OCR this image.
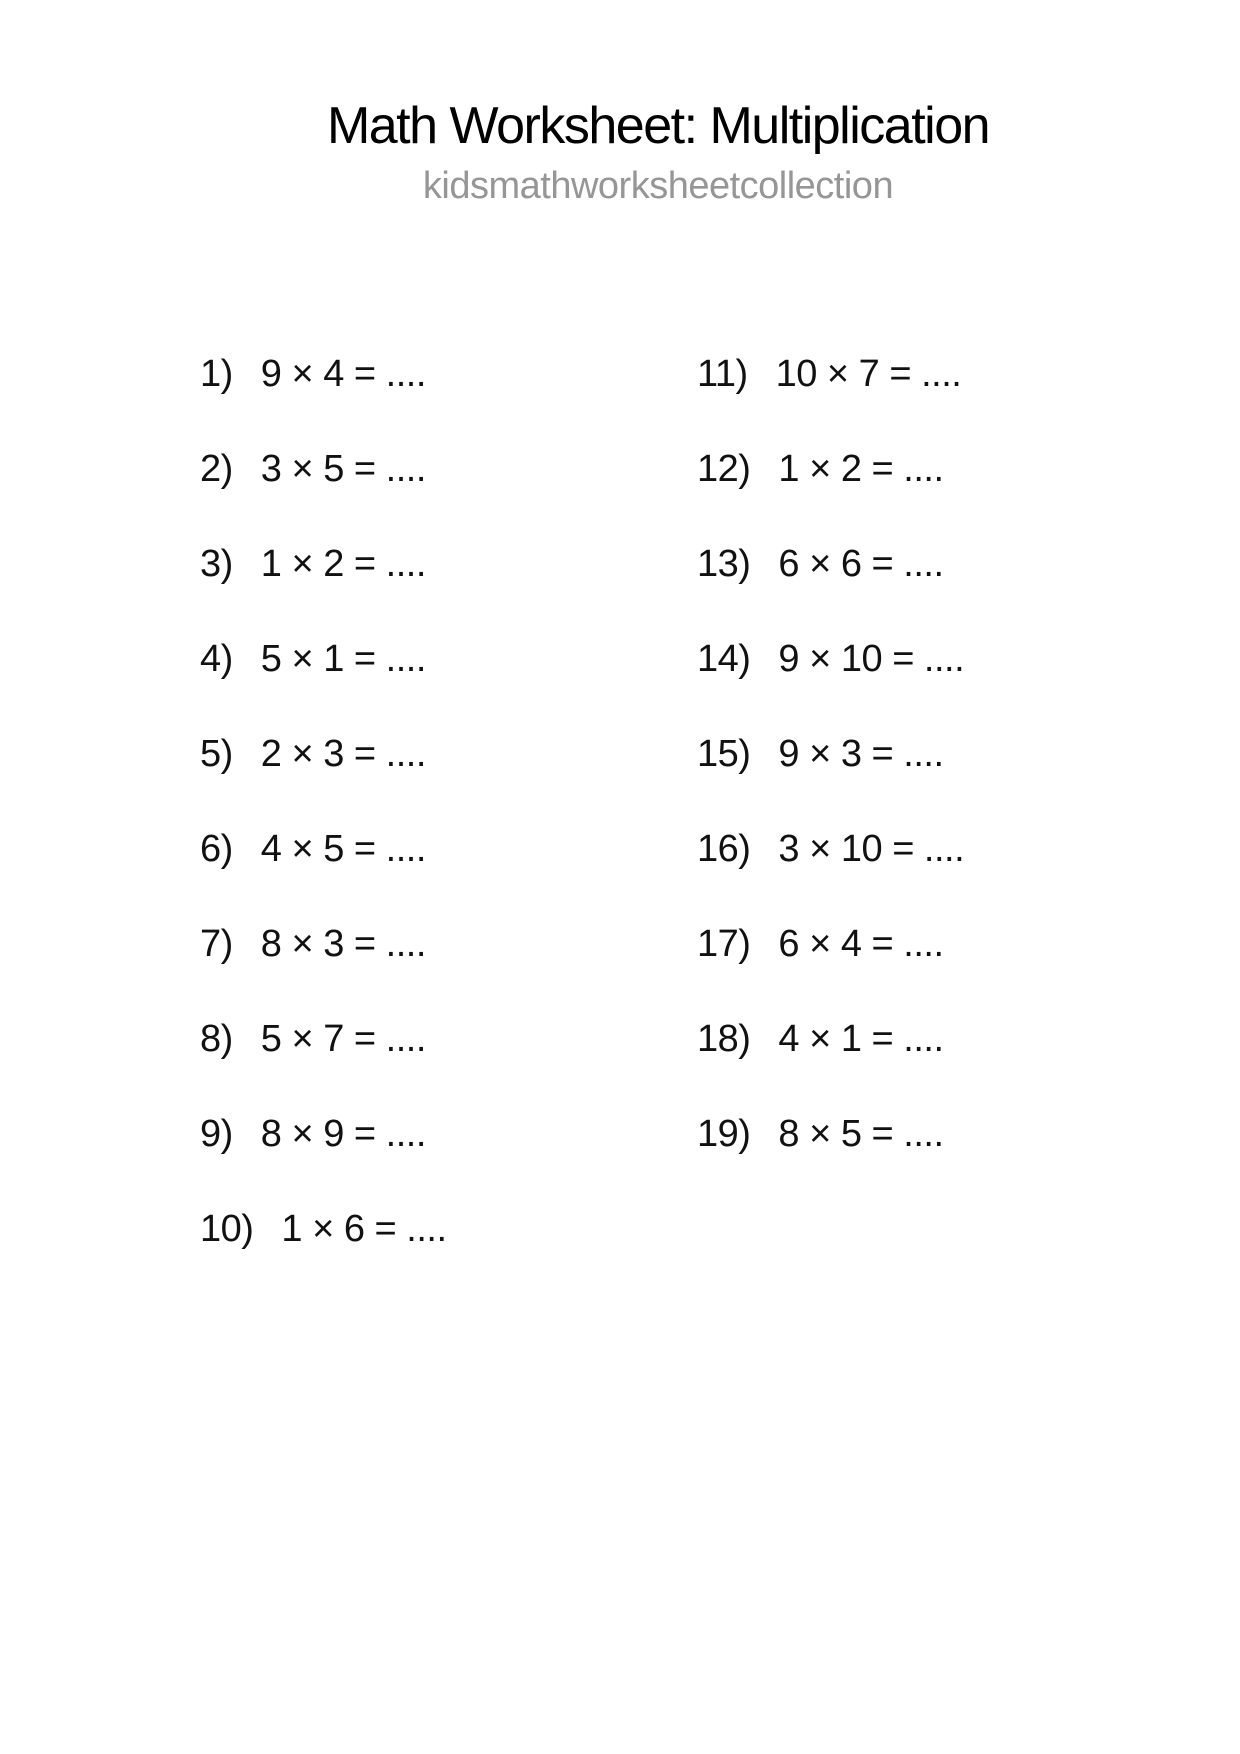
Math Worksheet: Multiplication
kidsmathworksheetcollection
1) 9 × 4 = ....
2) 3 × 5 = ....
3) 1 × 2 = ....
4) 5 × 1 = ....
5) 2 × 3 = ....
6) 4 × 5 = ....
7) 8 × 3 = ....
8) 5 × 7 = ....
9) 8 × 9 = ....
10) 1 × 6 = ....
11) 10 × 7 = ....
12) 1 × 2 = ....
13) 6 × 6 = ....
14) 9 × 10 = ....
15) 9 × 3 = ....
16) 3 × 10 = ....
17) 6 × 4 = ....
18) 4 × 1 = ....
19) 8 × 5 = ....
